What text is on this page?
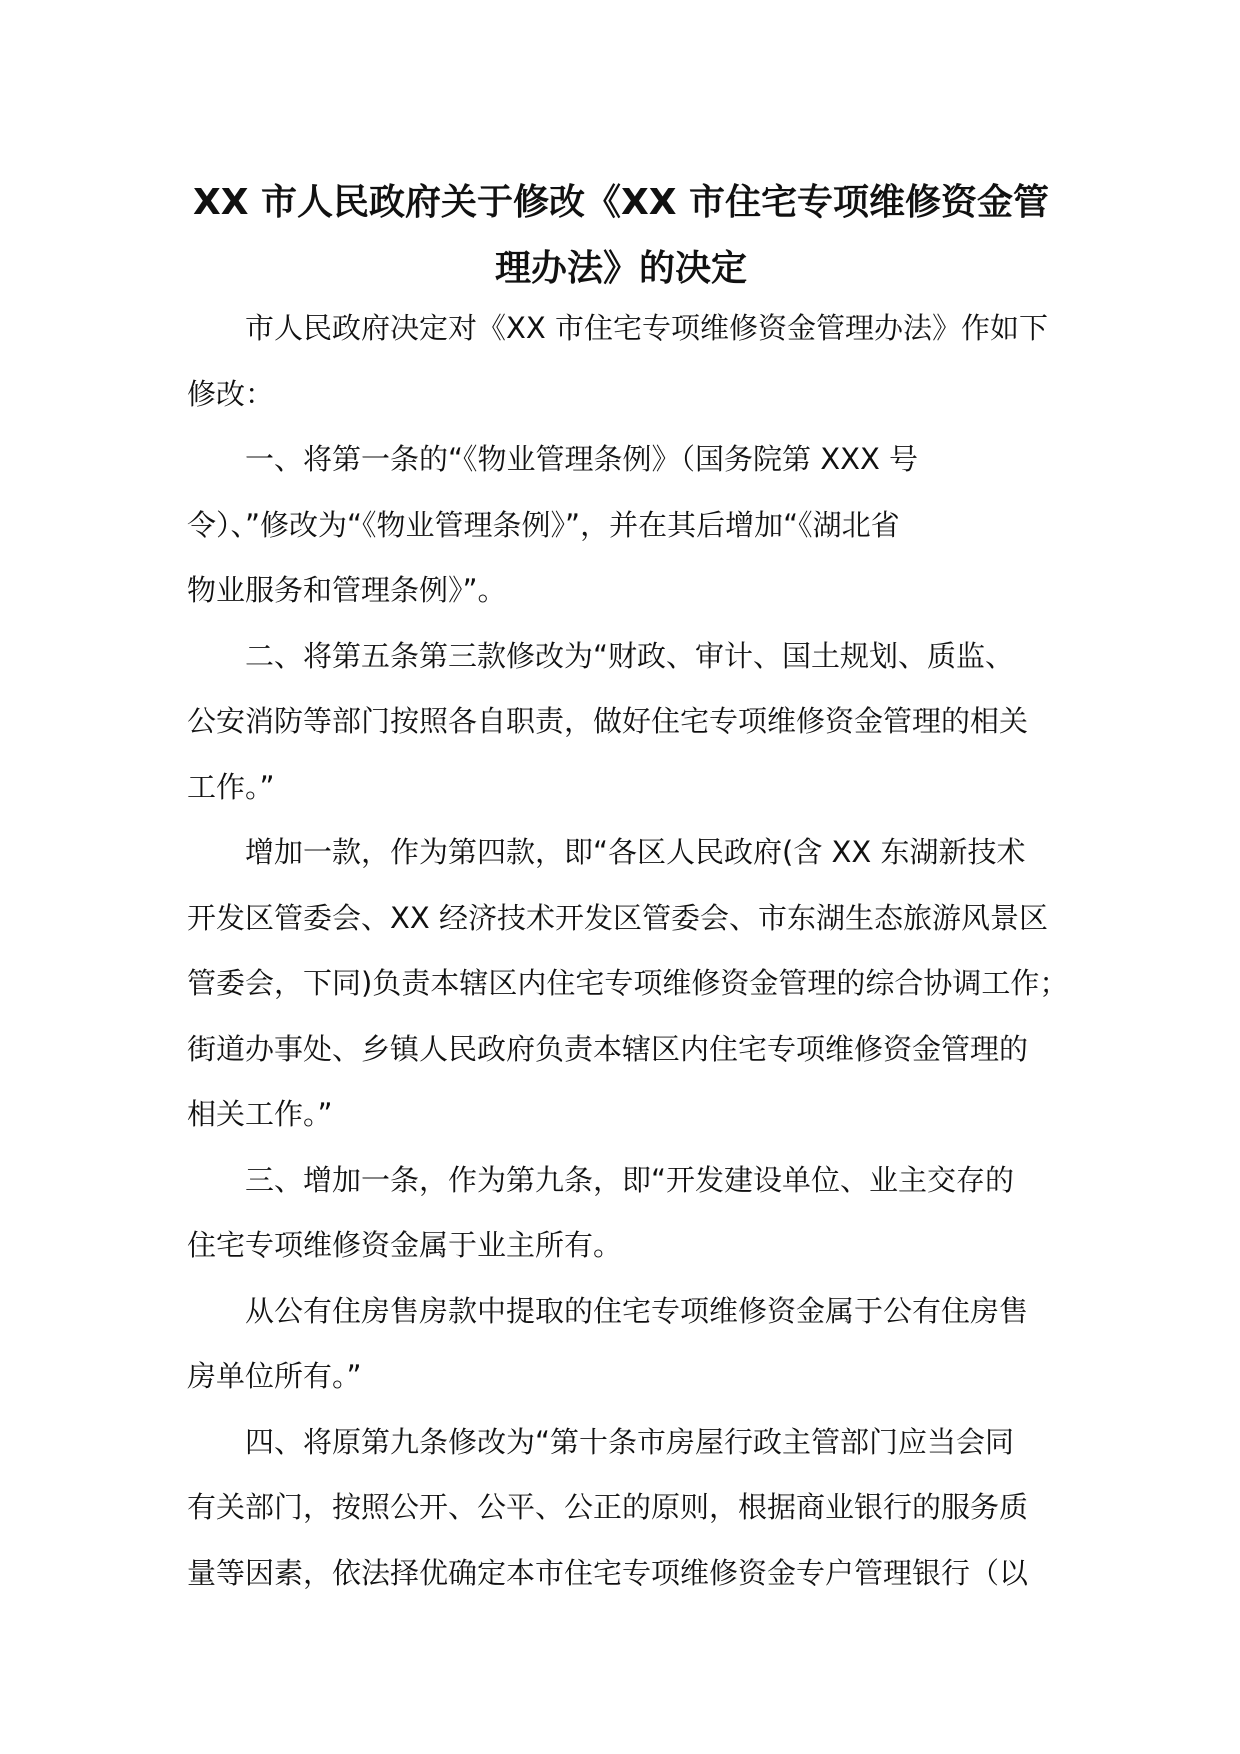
XX 市人民政府关于修改《XX 市住宅专项维修资金管
理办法》的决定

市人民政府决定对《XX 市住宅专项维修资金管理办法》作如下
修改：

一、将第一条的“《物业管理条例》（国务院第 XXX 号
令）、”修改为“《物业管理条例》”，并在其后增加“《湖北省
物业服务和管理条例》”。

二、将第五条第三款修改为“财政、审计、国土规划、质监、
公安消防等部门按照各自职责，做好住宅专项维修资金管理的相关
工作。”

增加一款，作为第四款，即“各区人民政府(含 XX 东湖新技术
开发区管委会、XX 经济技术开发区管委会、市东湖生态旅游风景区
管委会，下同)负责本辖区内住宅专项维修资金管理的综合协调工作；
街道办事处、乡镇人民政府负责本辖区内住宅专项维修资金管理的
相关工作。”

三、增加一条，作为第九条，即“开发建设单位、业主交存的
住宅专项维修资金属于业主所有。

从公有住房售房款中提取的住宅专项维修资金属于公有住房售
房单位所有。”

四、将原第九条修改为“第十条市房屋行政主管部门应当会同
有关部门，按照公开、公平、公正的原则，根据商业银行的服务质
量等因素，依法择优确定本市住宅专项维修资金专户管理银行（以
